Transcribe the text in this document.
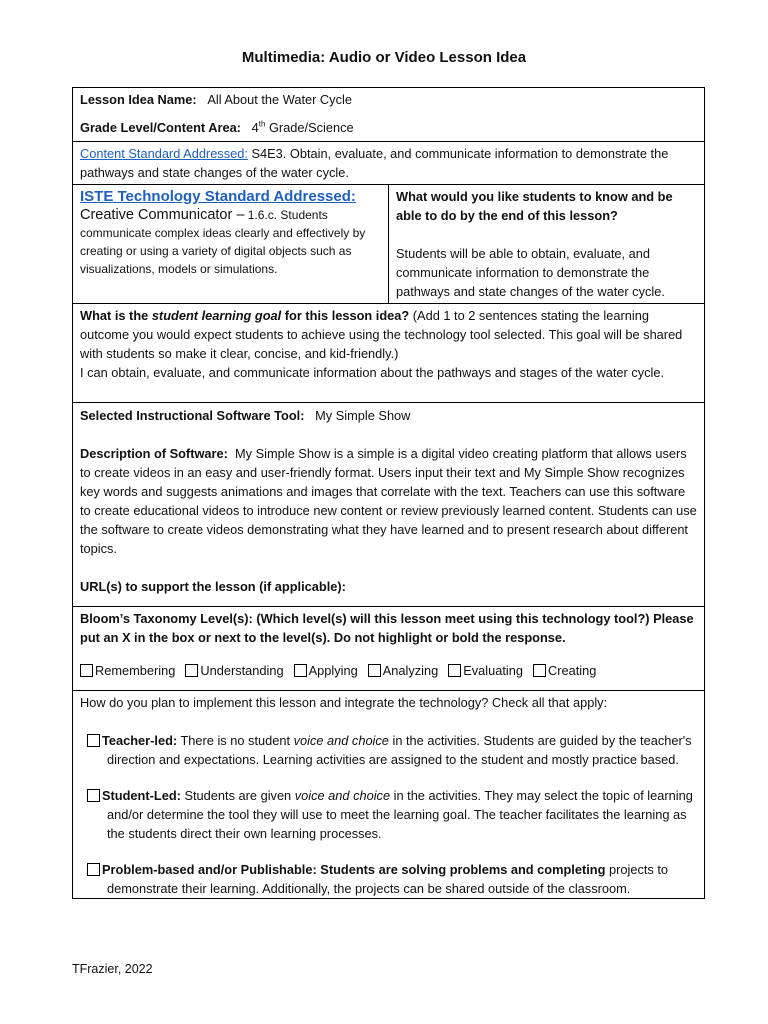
Multimedia: Audio or Video Lesson Idea
Lesson Idea Name: All About the Water Cycle
Grade Level/Content Area: 4th Grade/Science
Content Standard Addressed: S4E3. Obtain, evaluate, and communicate information to demonstrate the pathways and state changes of the water cycle.
ISTE Technology Standard Addressed:
Creative Communicator – 1.6.c. Students communicate complex ideas clearly and effectively by creating or using a variety of digital objects such as visualizations, models or simulations.
What would you like students to know and be able to do by the end of this lesson?
Students will be able to obtain, evaluate, and communicate information to demonstrate the pathways and state changes of the water cycle.
What is the student learning goal for this lesson idea? (Add 1 to 2 sentences stating the learning outcome you would expect students to achieve using the technology tool selected. This goal will be shared with students so make it clear, concise, and kid-friendly.)
I can obtain, evaluate, and communicate information about the pathways and stages of the water cycle.
Selected Instructional Software Tool: My Simple Show
Description of Software: My Simple Show is a simple is a digital video creating platform that allows users to create videos in an easy and user-friendly format. Users input their text and My Simple Show recognizes key words and suggests animations and images that correlate with the text. Teachers can use this software to create educational videos to introduce new content or review previously learned content. Students can use the software to create videos demonstrating what they have learned and to present research about different topics.
URL(s) to support the lesson (if applicable):
Bloom’s Taxonomy Level(s): (Which level(s) will this lesson meet using this technology tool?) Please put an X in the box or next to the level(s). Do not highlight or bold the response.
Remembering Understanding Applying Analyzing Evaluating Creating
How do you plan to implement this lesson and integrate the technology? Check all that apply:
Teacher-led: There is no student voice and choice in the activities. Students are guided by the teacher's direction and expectations. Learning activities are assigned to the student and mostly practice based.
Student-Led: Students are given voice and choice in the activities. They may select the topic of learning and/or determine the tool they will use to meet the learning goal. The teacher facilitates the learning as the students direct their own learning processes.
Problem-based and/or Publishable: Students are solving problems and completing projects to demonstrate their learning. Additionally, the projects can be shared outside of the classroom.
TFrazier, 2022
